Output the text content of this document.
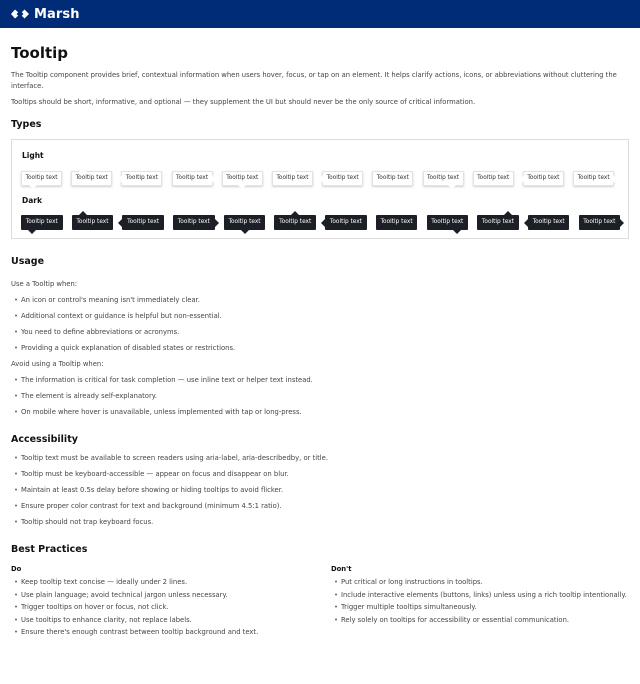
Marsh
Tooltip

The Tooltip component provides brief, contextual information when users hover, focus, or tap on an element. It helps clarify actions, icons, or abbreviations without cluttering the interface.

Tooltips should be short, informative, and optional — they supplement the UI but should never be the only source of critical information.

Types
Light
Tooltip text	Tooltip text	Tooltip text	Tooltip text	Tooltip text	Tooltip text	Tooltip text	Tooltip text	Tooltip text	Tooltip text	Tooltip text	Tooltip text
Dark
Tooltip text	Tooltip text	Tooltip text	Tooltip text	Tooltip text	Tooltip text	Tooltip text	Tooltip text	Tooltip text	Tooltip text	Tooltip text	Tooltip text
Usage

Use a Tooltip when:

• An icon or control's meaning isn't immediately clear.
• Additional context or guidance is helpful but non-essential.
• You need to define abbreviations or acronyms.
• Providing a quick explanation of disabled states or restrictions.

Avoid using a Tooltip when:

• The information is critical for task completion — use inline text or helper text instead.
• The element is already self-explanatory.
• On mobile where hover is unavailable, unless implemented with tap or long-press.
Accessibility
• Tooltip text must be available to screen readers using aria-label, aria-describedby, or title.
• Tooltip must be keyboard-accessible — appear on focus and disappear on blur.
• Maintain at least 0.5s delay before showing or hiding tooltips to avoid flicker.
• Ensure proper color contrast for text and background (minimum 4.5:1 ratio).
• Tooltip should not trap keyboard focus.
Best Practices
Do
• Keep tooltip text concise — ideally under 2 lines.
• Use plain language; avoid technical jargon unless necessary.
• Trigger tooltips on hover or focus, not click.
• Use tooltips to enhance clarity, not replace labels.
• Ensure there's enough contrast between tooltip background and text.
Don't
• Put critical or long instructions in tooltips.
• Include interactive elements (buttons, links) unless using a rich tooltip intentionally.
• Trigger multiple tooltips simultaneously.
• Rely solely on tooltips for accessibility or essential communication.
